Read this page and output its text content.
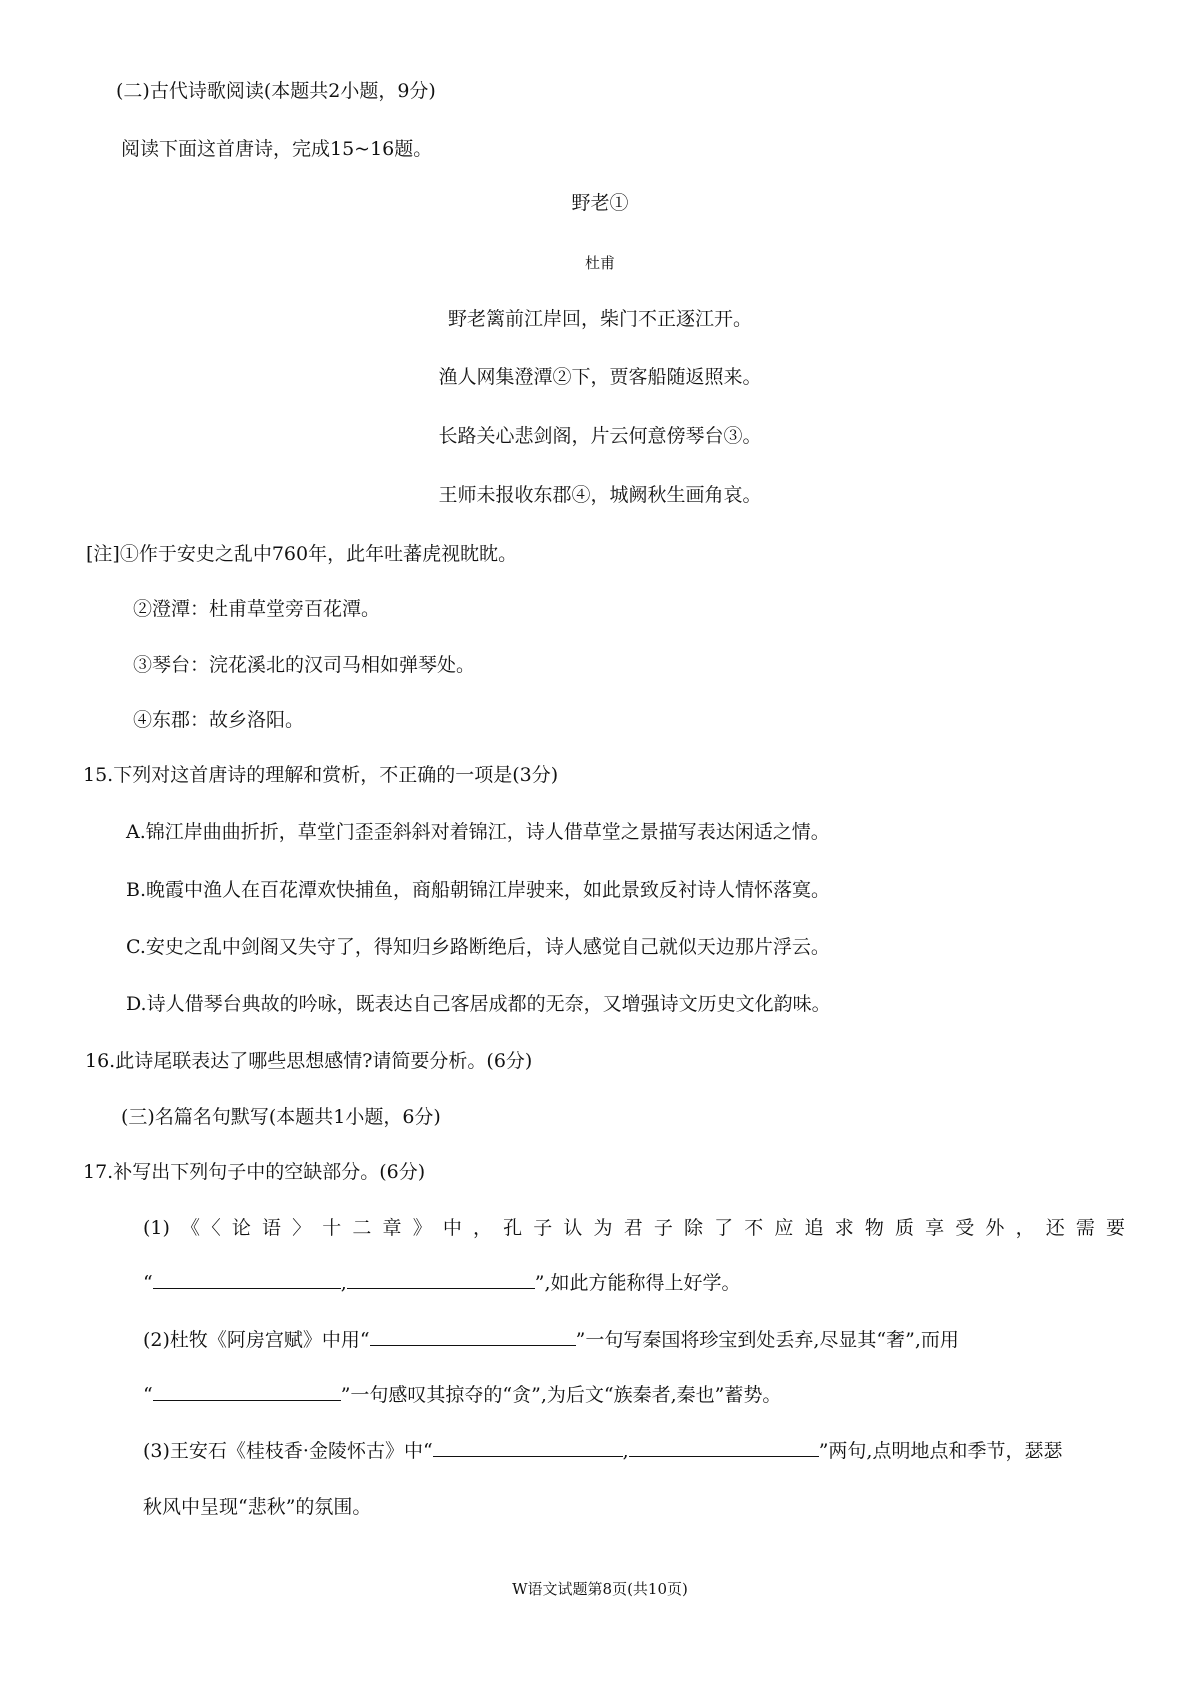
(二)古代诗歌阅读(本题共2小题，9分)
阅读下面这首唐诗，完成15~16题。
野老①
杜甫
野老篱前江岸回，柴门不正逐江开。
渔人网集澄潭②下，贾客船随返照来。
长路关心悲剑阁，片云何意傍琴台③。
王师未报收东郡④，城阙秋生画角哀。
[注]①作于安史之乱中760年，此年吐蕃虎视眈眈。
②澄潭：杜甫草堂旁百花潭。
③琴台：浣花溪北的汉司马相如弹琴处。
④东郡：故乡洛阳。
15.下列对这首唐诗的理解和赏析，不正确的一项是(3分)
A.锦江岸曲曲折折，草堂门歪歪斜斜对着锦江，诗人借草堂之景描写表达闲适之情。
B.晚霞中渔人在百花潭欢快捕鱼，商船朝锦江岸驶来，如此景致反衬诗人情怀落寞。
C.安史之乱中剑阁又失守了，得知归乡路断绝后，诗人感觉自己就似天边那片浮云。
D.诗人借琴台典故的吟咏，既表达自己客居成都的无奈，又增强诗文历史文化韵味。
16.此诗尾联表达了哪些思想感情?请简要分析。(6分)
(三)名篇名句默写(本题共1小题，6分)
17.补写出下列句子中的空缺部分。(6分)
(1)《〈论语〉十二章》中，孔子认为君子除了不应追求物质享受外，还需要
“	,	”,如此方能称得上好学。
(2)杜牧《阿房宫赋》中用“	”一句写秦国将珍宝到处丢弃,尽显其“奢”,而用
“	”一句感叹其掠夺的“贪”,为后文“族秦者,秦也”蓄势。
(3)王安石《桂枝香·金陵怀古》中“	,	”两句,点明地点和季节，瑟瑟
秋风中呈现“悲秋”的氛围。
W语文试题第8页(共10页)
